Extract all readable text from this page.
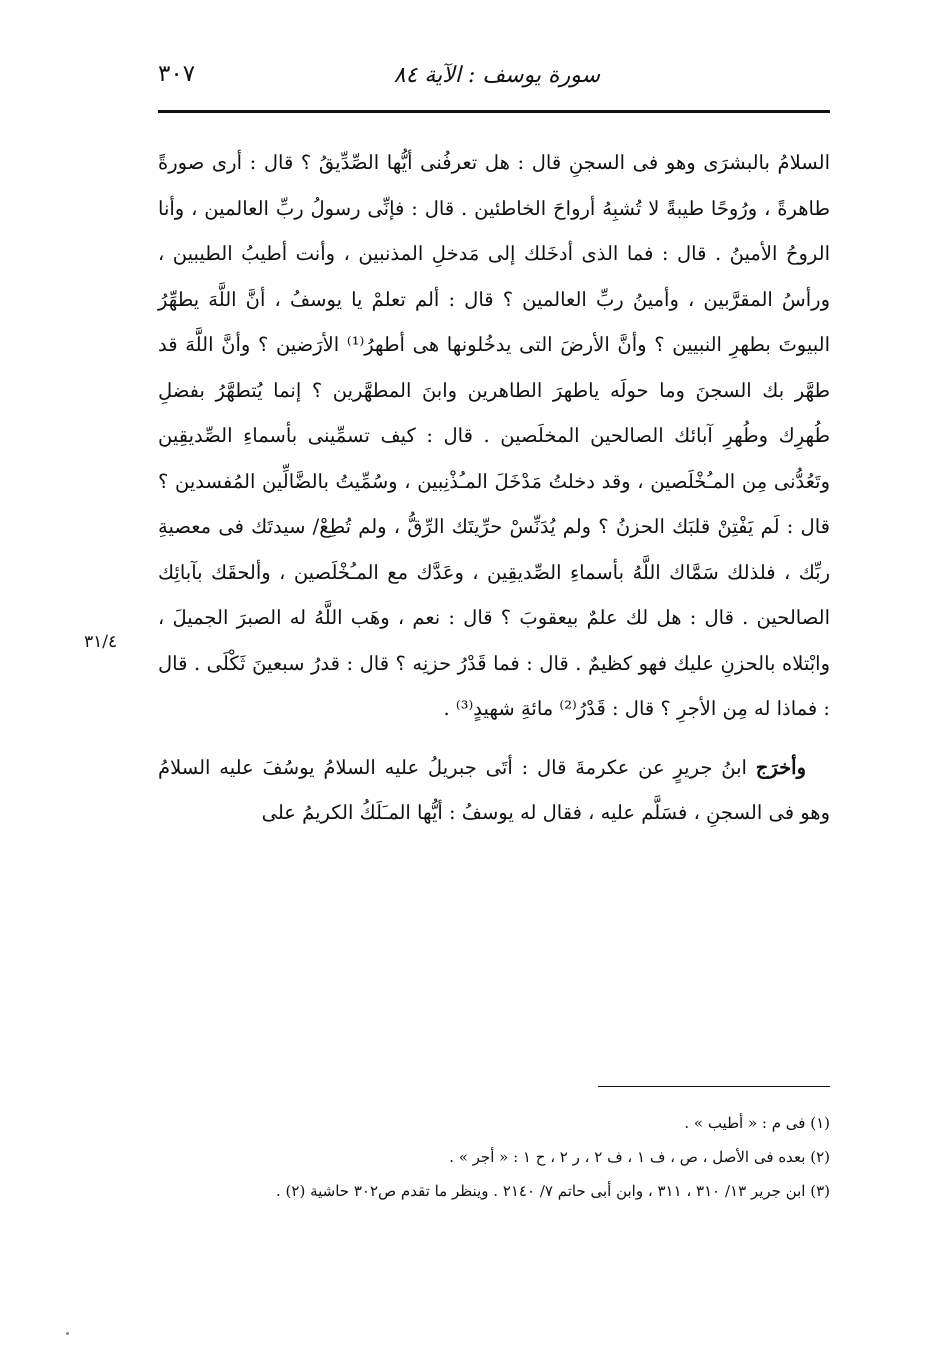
سورة يوسف : الآية ٨٤
٣٠٧

السلامُ بالبشرَى وهو فى السجنِ قال : هل تعرفُنى أيُّها الصِّدِّيقُ ؟ قال : أرى صورةً طاهرةً ، ورُوحًا طيبةً لا تُشبِهُ أرواحَ الخاطئين . قال : فإنِّى رسولُ ربِّ العالمين ، وأنا الروحُ الأمينُ . قال : فما الذى أدخَلك إلى مَدخلِ المذنبين ، وأنت أطيبُ الطيبين ، ورأسُ المقرَّبين ، وأمينُ ربِّ العالمين ؟ قال : ألم تعلمْ يا يوسفُ ، أنَّ اللَّهَ يطهِّرُ البيوتَ بطهرِ النبيين ؟ وأنَّ الأرضَ التى يدخُلونها هى أطهرُ⁽¹⁾ الأرَضين ؟ وأنَّ اللَّهَ قد طهَّر بك السجنَ وما حولَه ياطهرَ الطاهرين وابنَ المطهَّرين ؟ إنما يُتطهَّرُ بفضلِ طُهرِك وطُهرِ آبائك الصالحين المخلَصين . قال : كيف تسمِّينى بأسماءِ الصِّديقِين وتَعُدُّنى مِن المـُخْلَصين ، وقد دخلتُ مَدْخَلَ المـُذْنِبين ، وسُمِّيتُ بالضَّالِّين المُفسدين ؟ قال : لَم يَفْتِنْ قلبَك الحزنُ ؟ ولم يُدَنِّسْ حرِّيتَك الرِّقُّ ، ولم تُطِعْ/ سيدتَك فى معصيةِ ربِّك ، فلذلك سَمَّاك اللَّهُ بأسماءِ الصِّديقِين ، وعَدَّك مع المـُخْلَصين ، وألحقَك بآبائِك الصالحين . قال : هل لك علمٌ بيعقوبَ ؟ قال : نعم ، وهَب اللَّهُ له الصبرَ الجميلَ ، وابْتلاه بالحزنِ عليك فهو كظيمٌ . قال : فما قَدْرُ حزنِه ؟ قال : قدرُ سبعينَ ثَكْلَى . قال : فماذا له مِن الأجرِ ؟ قال : قَدْرُ⁽²⁾ مائةِ شهيدٍ⁽³⁾ .

وأخرَج ابنُ جريرٍ عن عكرمةَ قال : أتَى جبريلُ عليه السلامُ يوسُفَ عليه السلامُ وهو فى السجنِ ، فسَلَّم عليه ، فقال له يوسفُ : أيُّها المـَلَكُ الكريمُ على

٣١/٤

(١) فى م : « أطيب » .

(٢) بعده فى الأصل ، ص ، ف ١ ، ف ٢ ، ر ٢ ، ح ١ : « أجر » .

(٣) ابن جرير ١٣/ ٣١٠ ، ٣١١ ، وابن أبى حاتم ٧/ ٢١٤٠ . وينظر ما تقدم ص٣٠٢ حاشية (٢) .
